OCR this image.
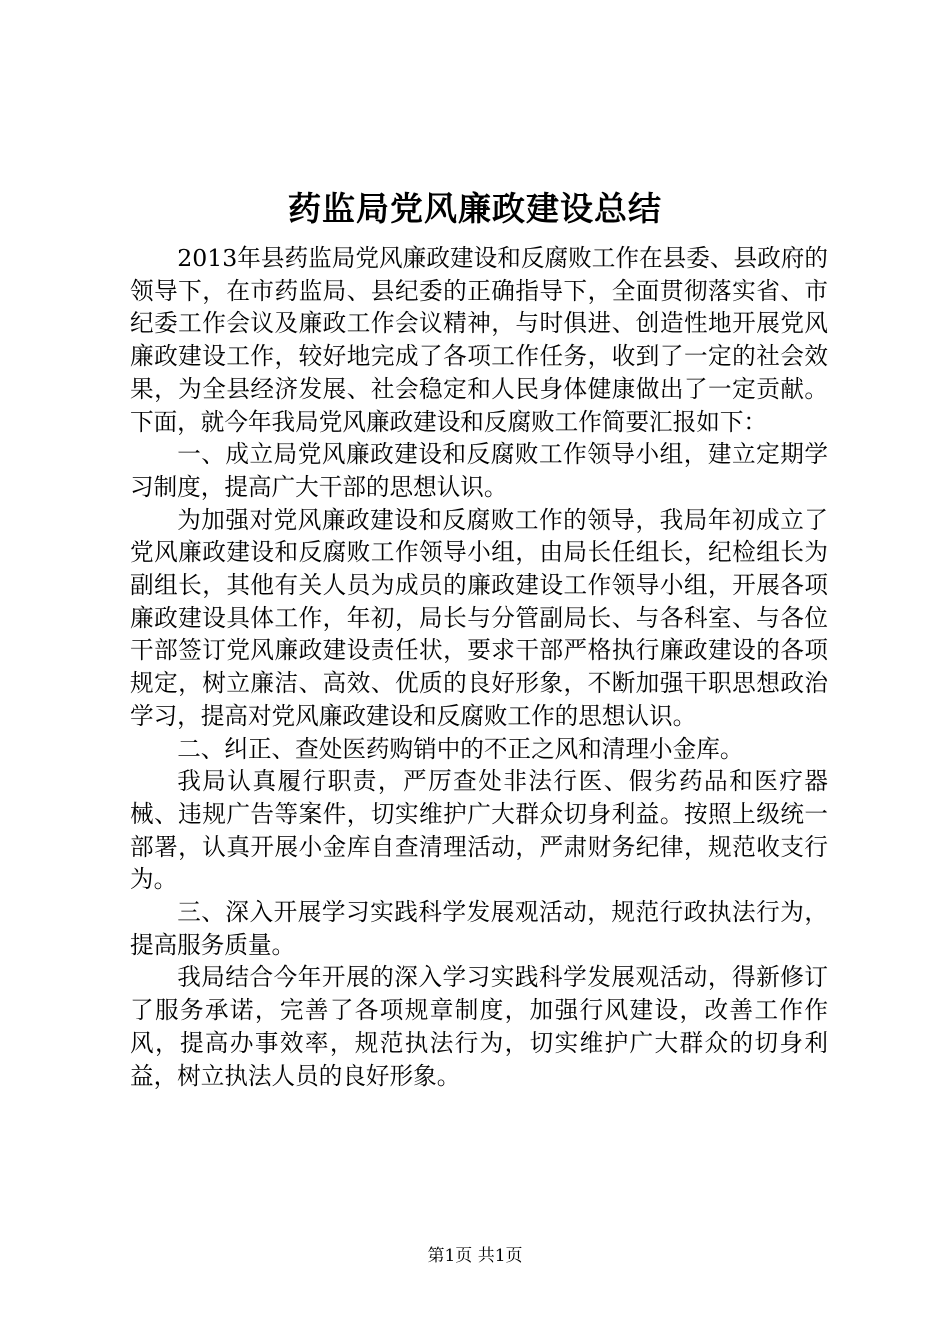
药监局党风廉政建设总结

2013年县药监局党风廉政建设和反腐败工作在县委、县政府的领导下，在市药监局、县纪委的正确指导下，全面贯彻落实省、市纪委工作会议及廉政工作会议精神，与时俱进、创造性地开展党风廉政建设工作，较好地完成了各项工作任务，收到了一定的社会效果，为全县经济发展、社会稳定和人民身体健康做出了一定贡献。下面，就今年我局党风廉政建设和反腐败工作简要汇报如下：

一、成立局党风廉政建设和反腐败工作领导小组，建立定期学习制度，提高广大干部的思想认识。

为加强对党风廉政建设和反腐败工作的领导，我局年初成立了党风廉政建设和反腐败工作领导小组，由局长任组长，纪检组长为副组长，其他有关人员为成员的廉政建设工作领导小组，开展各项廉政建设具体工作，年初，局长与分管副局长、与各科室、与各位干部签订党风廉政建设责任状，要求干部严格执行廉政建设的各项规定，树立廉洁、高效、优质的良好形象，不断加强干职思想政治学习，提高对党风廉政建设和反腐败工作的思想认识。

二、纠正、查处医药购销中的不正之风和清理小金库。

我局认真履行职责，严厉查处非法行医、假劣药品和医疗器械、违规广告等案件，切实维护广大群众切身利益。按照上级统一部署，认真开展小金库自查清理活动，严肃财务纪律，规范收支行为。

三、深入开展学习实践科学发展观活动，规范行政执法行为，提高服务质量。

我局结合今年开展的深入学习实践科学发展观活动，得新修订了服务承诺，完善了各项规章制度，加强行风建设，改善工作作风，提高办事效率，规范执法行为，切实维护广大群众的切身利益，树立执法人员的良好形象。

第1页 共1页
